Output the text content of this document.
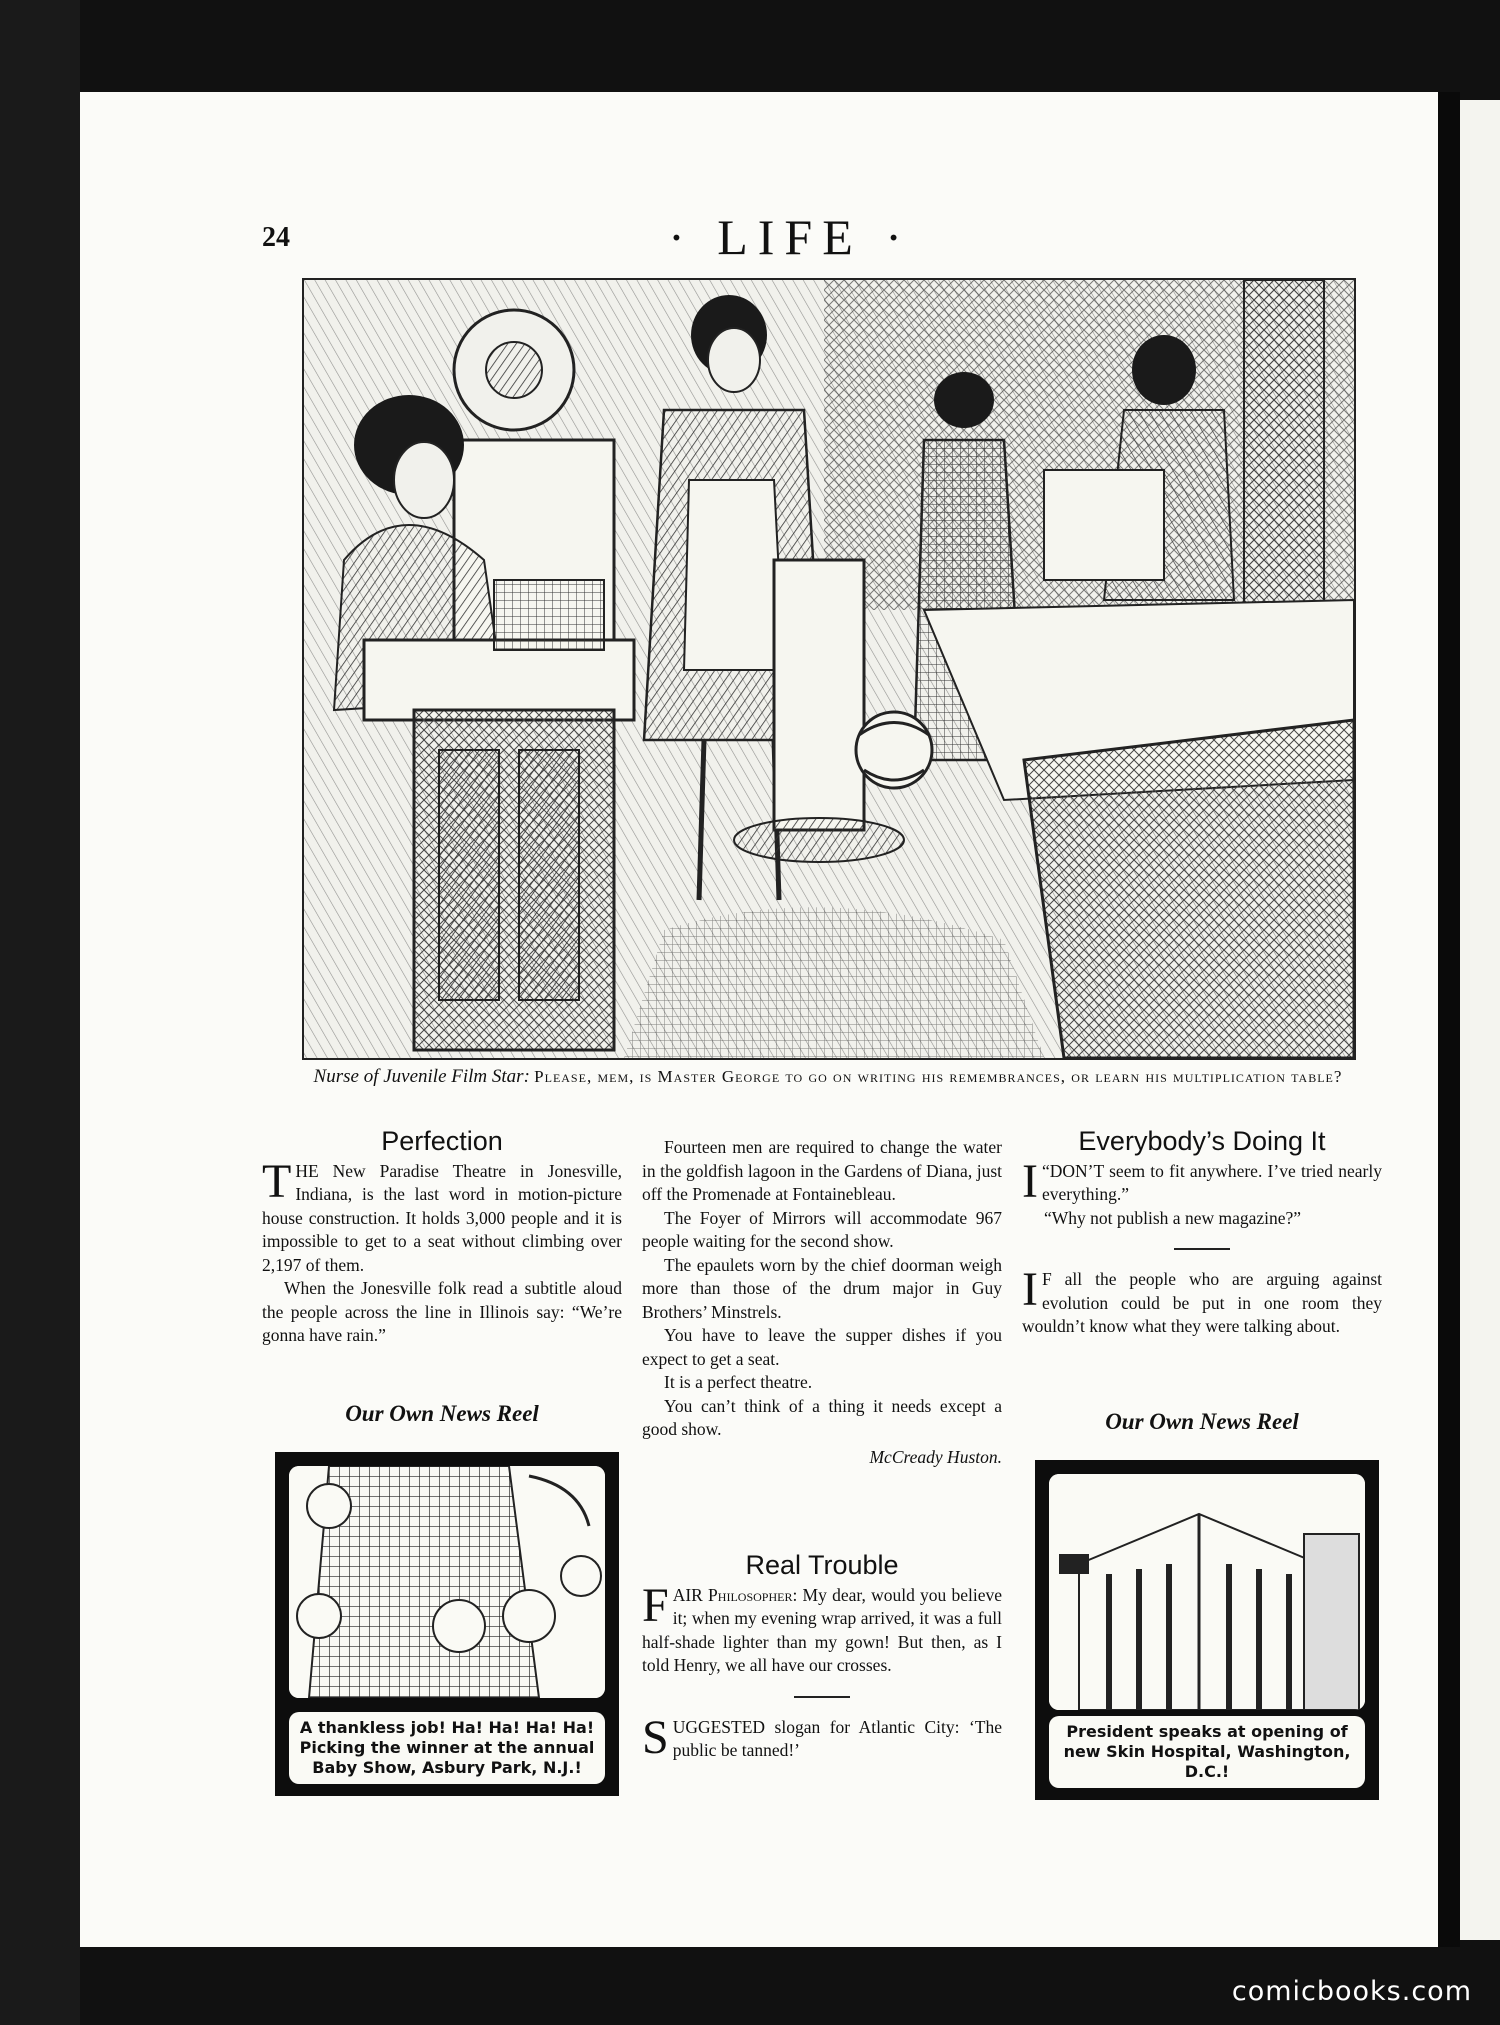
24	· LIFE ·
Nurse of Juvenile Film Star: Please, mem, is Master George to go on writing his remembrances, or learn his multiplication table?
Perfection

THE New Paradise Theatre in Jonesville, Indiana, is the last word in motion-picture house construction. It holds 3,000 people and it is impossible to get to a seat without climbing over 2,197 of them.

When the Jonesville folk read a subtitle aloud the people across the line in Illinois say: “We’re gonna have rain.”

Our Own News Reel
A thankless job! Ha! Ha! Ha! Ha! Picking the winner at the annual Baby Show, Asbury Park, N.J.!

Fourteen men are required to change the water in the goldfish lagoon in the Gardens of Diana, just off the Promenade at Fontainebleau.

The Foyer of Mirrors will accommodate 967 people waiting for the second show.

The epaulets worn by the chief doorman weigh more than those of the drum major in Guy Brothers’ Minstrels.

You have to leave the supper dishes if you expect to get a seat.

It is a perfect theatre.

You can’t think of a thing it needs except a good show.

McCready Huston.
Real Trouble

FAIR Philosopher: My dear, would you believe it; when my evening wrap arrived, it was a full half-shade lighter than my gown! But then, as I told Henry, we all have our crosses.

SUGGESTED slogan for Atlantic City: ‘The public be tanned!’

Everybody’s Doing It

“
I DON’T seem to fit anywhere. I’ve tried nearly everything.”

“Why not publish a new magazine?”

I F all the people who are arguing against evolution could be put in one room they wouldn’t know what they were talking about.

Our Own News Reel
President speaks at opening of new Skin Hospital, Washington, D.C.!
comicbooks.com
